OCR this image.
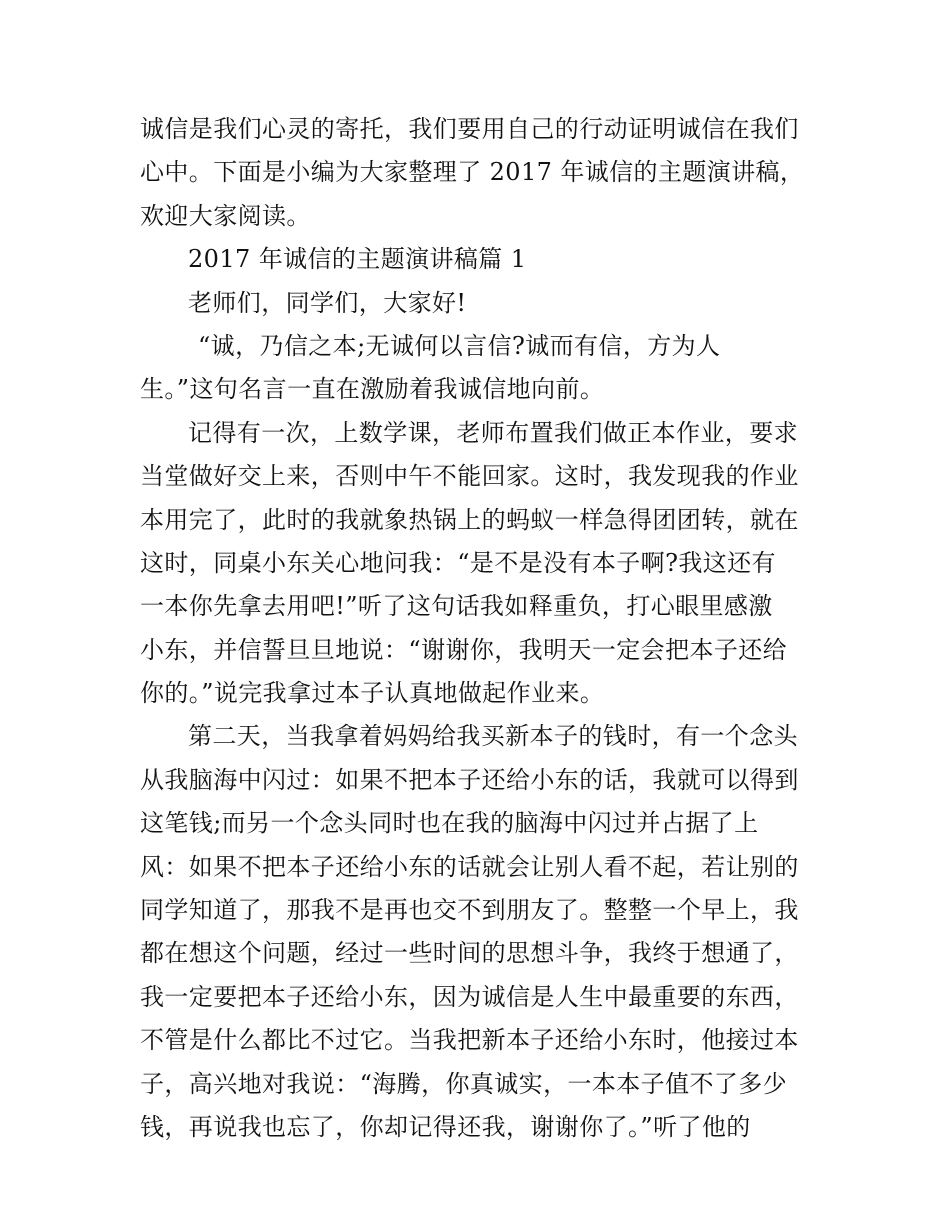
诚信是我们心灵的寄托，我们要用自己的行动证明诚信在我们
心中。下面是小编为大家整理了 2017 年诚信的主题演讲稿，
欢迎大家阅读。
2017 年诚信的主题演讲稿篇 1
老师们，同学们，大家好!
“诚，乃信之本;无诚何以言信?诚而有信，方为人
生。”这句名言一直在激励着我诚信地向前。
记得有一次，上数学课，老师布置我们做正本作业，要求
当堂做好交上来，否则中午不能回家。这时，我发现我的作业
本用完了，此时的我就象热锅上的蚂蚁一样急得团团转，就在
这时，同桌小东关心地问我：“是不是没有本子啊?我这还有
一本你先拿去用吧!”听了这句话我如释重负，打心眼里感激
小东，并信誓旦旦地说：“谢谢你，我明天一定会把本子还给
你的。”说完我拿过本子认真地做起作业来。
第二天，当我拿着妈妈给我买新本子的钱时，有一个念头
从我脑海中闪过：如果不把本子还给小东的话，我就可以得到
这笔钱;而另一个念头同时也在我的脑海中闪过并占据了上
风：如果不把本子还给小东的话就会让别人看不起，若让别的
同学知道了，那我不是再也交不到朋友了。整整一个早上，我
都在想这个问题，经过一些时间的思想斗争，我终于想通了，
我一定要把本子还给小东，因为诚信是人生中最重要的东西，
不管是什么都比不过它。当我把新本子还给小东时，他接过本
子，高兴地对我说：“海腾，你真诚实，一本本子值不了多少
钱，再说我也忘了，你却记得还我，谢谢你了。”听了他的
